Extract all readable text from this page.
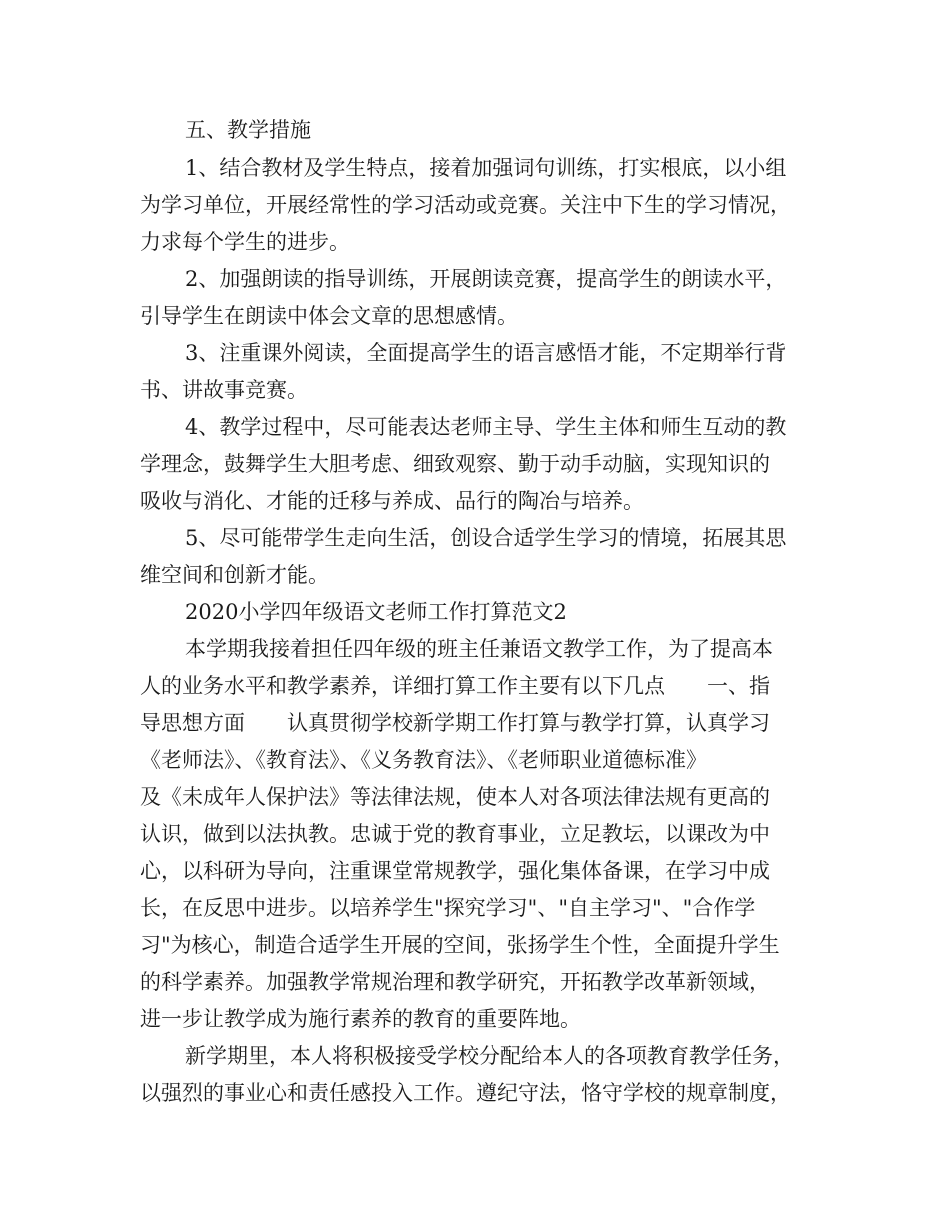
五、教学措施

1、结合教材及学生特点，接着加强词句训练，打实根底，以小组

为学习单位，开展经常性的学习活动或竞赛。关注中下生的学习情况，

力求每个学生的进步。

2、加强朗读的指导训练，开展朗读竞赛，提高学生的朗读水平，

引导学生在朗读中体会文章的思想感情。

3、注重课外阅读，全面提高学生的语言感悟才能，不定期举行背

书、讲故事竞赛。

4、教学过程中，尽可能表达老师主导、学生主体和师生互动的教

学理念，鼓舞学生大胆考虑、细致观察、勤于动手动脑，实现知识的

吸收与消化、才能的迁移与养成、品行的陶冶与培养。

5、尽可能带学生走向生活，创设合适学生学习的情境，拓展其思

维空间和创新才能。

2020小学四年级语文老师工作打算范文2

本学期我接着担任四年级的班主任兼语文教学工作，为了提高本

人的业务水平和教学素养，详细打算工作主要有以下几点　　一、指

导思想方面　　认真贯彻学校新学期工作打算与教学打算，认真学习

《老师法》、《教育法》、《义务教育法》、《老师职业道德标准》

及《未成年人保护法》等法律法规，使本人对各项法律法规有更高的

认识，做到以法执教。忠诚于党的教育事业，立足教坛，以课改为中

心，以科研为导向，注重课堂常规教学，强化集体备课，在学习中成

长，在反思中进步。以培养学生"探究学习"、"自主学习"、"合作学

习"为核心，制造合适学生开展的空间，张扬学生个性，全面提升学生

的科学素养。加强教学常规治理和教学研究，开拓教学改革新领域，

进一步让教学成为施行素养的教育的重要阵地。

新学期里，本人将积极接受学校分配给本人的各项教育教学任务，

以强烈的事业心和责任感投入工作。遵纪守法，恪守学校的规章制度，
